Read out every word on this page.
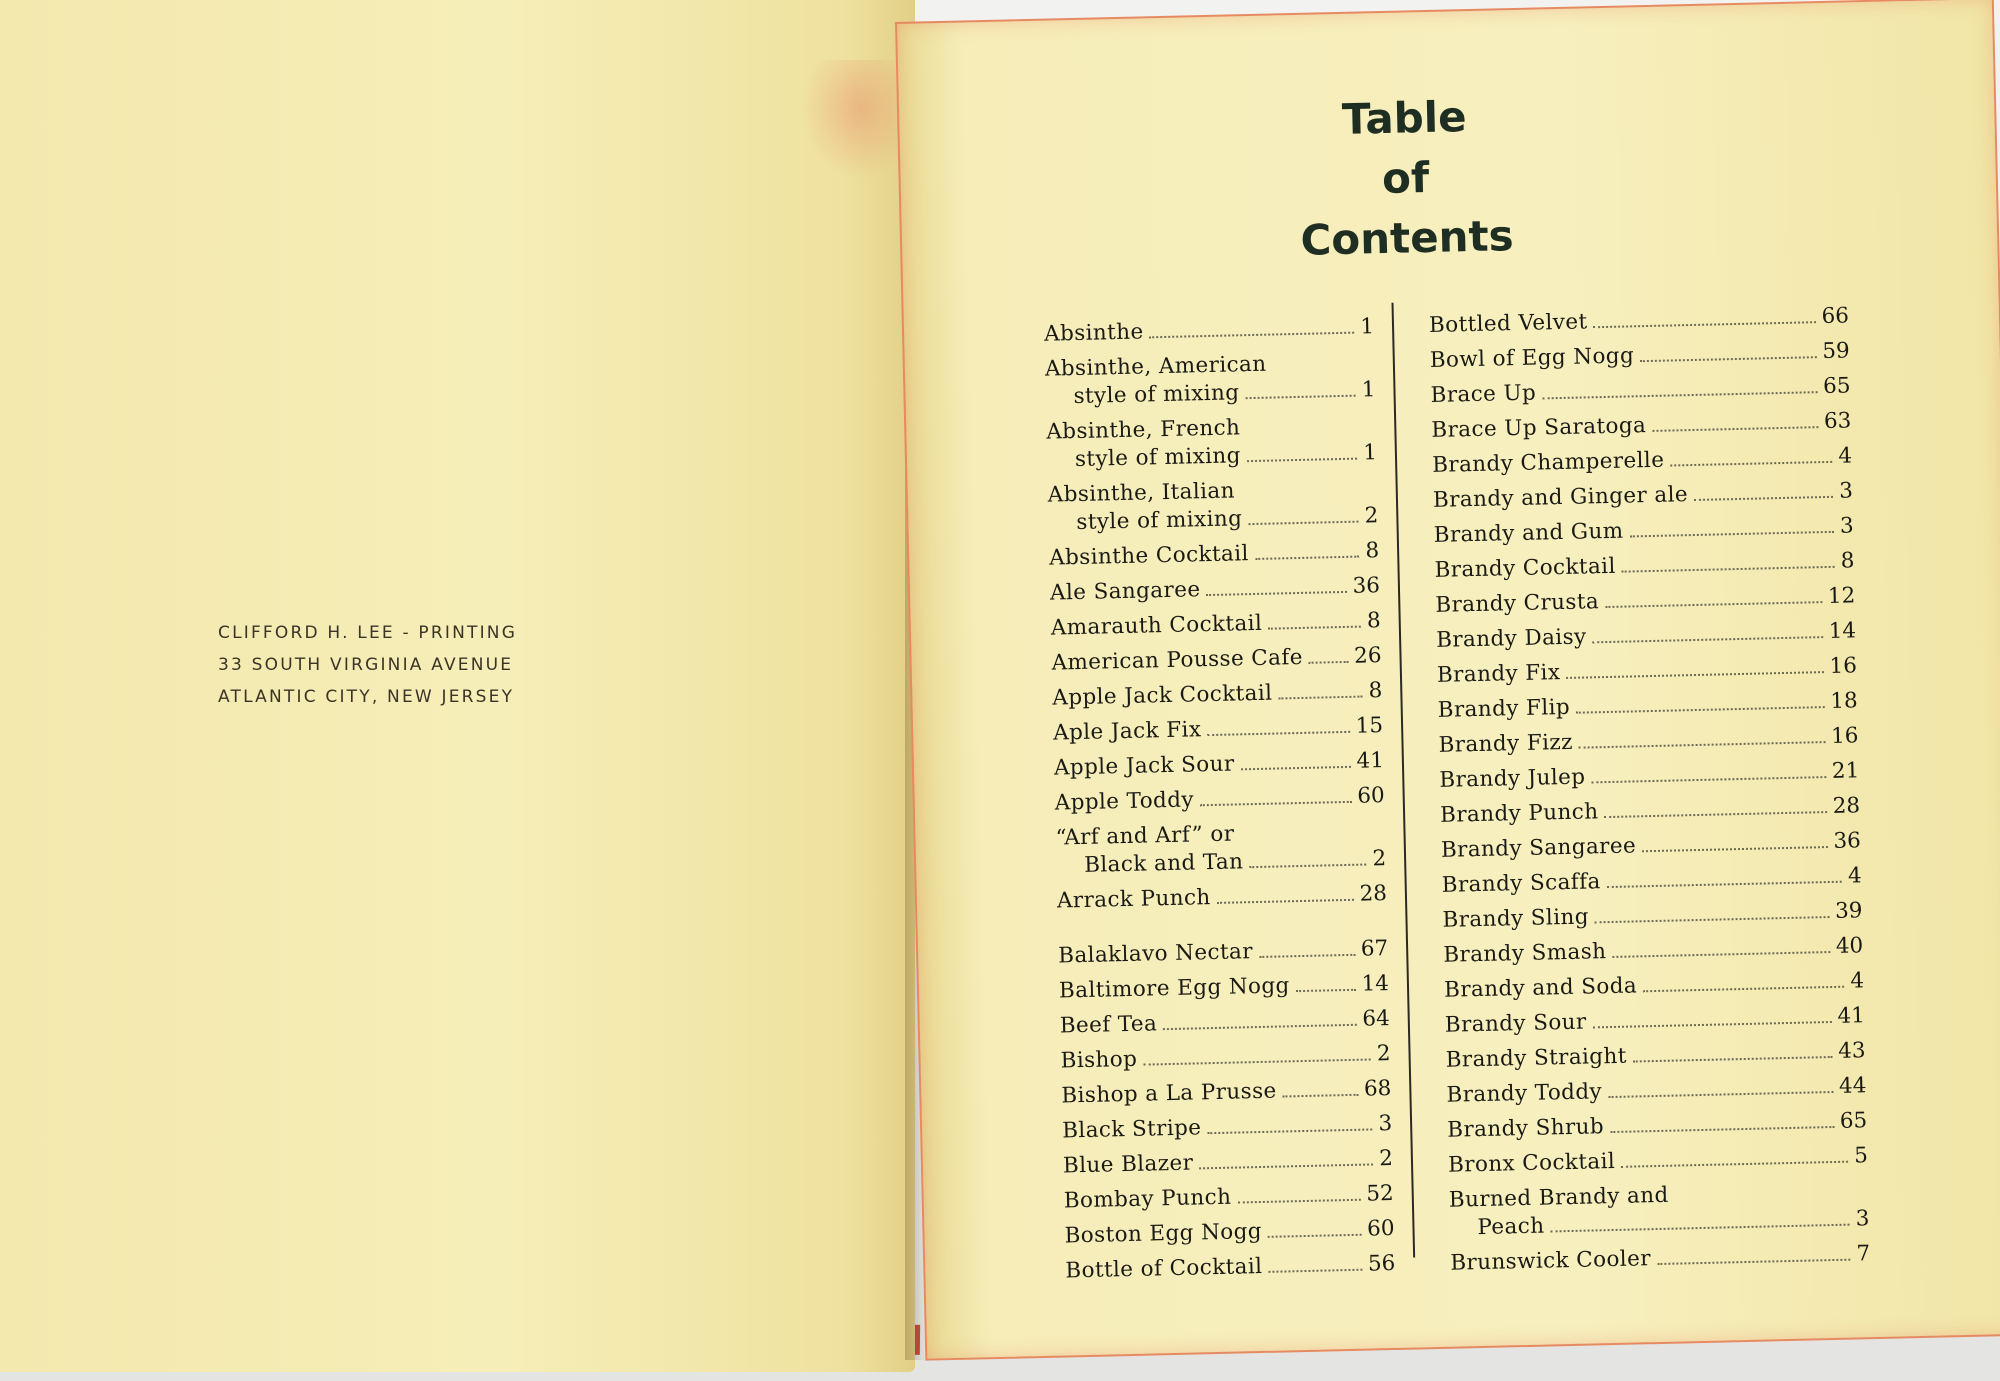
CLIFFORD H. LEE - PRINTING
33 SOUTH VIRGINIA AVENUE
ATLANTIC CITY, NEW JERSEY
Table
of
Contents
Absinthe	1
Absinthe, American
style of mixing	1
Absinthe, French
style of mixing	1
Absinthe, Italian
style of mixing	2
Absinthe Cocktail	8
Ale Sangaree	36
Amarauth Cocktail	8
American Pousse Cafe 26
Apple Jack Cocktail	8
Aple Jack Fix	15
Apple Jack Sour	41
Apple Toddy	60
“Arf and Arf” or
Black and Tan	2
Arrack Punch	28
Balaklavo Nectar	67
Baltimore Egg Nogg	14
Beef Tea	64
Bishop	2
Bishop a La Prusse	68
Black Stripe	3
Blue Blazer	2
Bombay Punch	52
Boston Egg Nogg	60
Bottle of Cocktail	56
Bottled Velvet	66
Bowl of Egg Nogg	59
Brace Up	65
Brace Up Saratoga	63
Brandy Champerelle	4
Brandy and Ginger ale	3
Brandy and Gum	3
Brandy Cocktail	8
Brandy Crusta	12
Brandy Daisy	14
Brandy Fix	16
Brandy Flip	18
Brandy Fizz	16
Brandy Julep	21
Brandy Punch	28
Brandy Sangaree	36
Brandy Scaffa	4
Brandy Sling	39
Brandy Smash	40
Brandy and Soda	4
Brandy Sour	41
Brandy Straight	43
Brandy Toddy	44
Brandy Shrub	65
Bronx Cocktail	5
Burned Brandy and
Peach	3
Brunswick Cooler	7
